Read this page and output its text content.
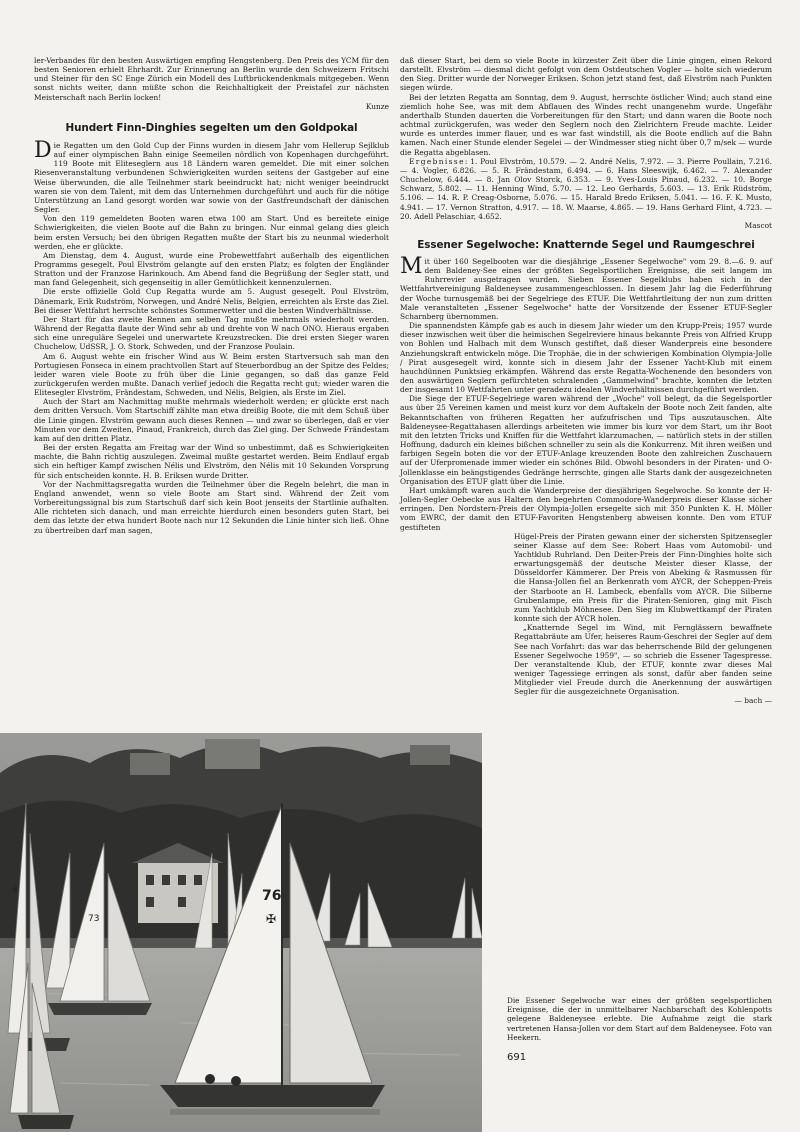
ler-Verbandes für den besten Auswärtigen empfing Hengstenberg. Den Preis des YCM für den besten Senioren erhielt Ehrhardt. Zur Erinnerung an Berlin wurde den Schweizern Fritschi und Steiner für den SC Enge Zürich ein Modell des Luftbrückendenkmals mitgegeben. Wenn sonst nichts weiter, dann müßte schon die Reichhaltigkeit der Preistafel zur nächsten Meisterschaft nach Berlin locken!

Kunze

Hundert Finn-Dinghies segelten um den Goldpokal

Die Regatten um den Gold Cup der Finns wurden in diesem Jahr vom Hellerup Sejlklub auf einer olympischen Bahn einige Seemeilen nördlich von Kopenhagen durchgeführt. 119 Boote mit Eliteseglern aus 18 Ländern waren gemeldet. Die mit einer solchen Riesenveranstaltung verbundenen Schwierigkeiten wurden seitens der Gastgeber auf eine Weise überwunden, die alle Teilnehmer stark beeindruckt hat; nicht weniger beeindruckt waren sie von dem Talent, mit dem das Unternehmen durchgeführt und auch für die nötige Unterstützung an Land gesorgt worden war sowie von der Gastfreundschaft der dänischen Segler.

Von den 119 gemeldeten Booten waren etwa 100 am Start. Und es bereitete einige Schwierigkeiten, die vielen Boote auf die Bahn zu bringen. Nur einmal gelang dies gleich beim ersten Versuch; bei den übrigen Regatten mußte der Start bis zu neunmal wiederholt werden, ehe er glückte.

Am Dienstag, dem 4. August, wurde eine Probewettfahrt außerhalb des eigentlichen Programms gesegelt. Poul Elvström gelangte auf den ersten Platz; es folgten der Engländer Stratton und der Franzose Harinkouch. Am Abend fand die Begrüßung der Segler statt, und man fand Gelegenheit, sich gegenseitig in aller Gemütlichkeit kennenzulernen.

Die erste offizielle Gold Cup Regatta wurde am 5. August gesegelt. Poul Elvström, Dänemark, Erik Rudström, Norwegen, und André Nelis, Belgien, erreichten als Erste das Ziel. Bei dieser Wettfahrt herrschte schönstes Sommerwetter und die besten Windverhältnisse.

Der Start für das zweite Rennen am selben Tag mußte mehrmals wiederholt werden. Während der Regatta flaute der Wind sehr ab und drehte von W nach ONO. Hieraus ergaben sich eine unreguläre Segelei und unerwartete Kreuzstrecken. Die drei ersten Sieger waren Chuchelow, UdSSR, J. O. Stork, Schweden, und der Franzose Poulain.

Am 6. August wehte ein frischer Wind aus W. Beim ersten Startversuch sah man den Portugiesen Fonseca in einem prachtvollen Start auf Steuerbordbug an der Spitze des Feldes; leider waren viele Boote zu früh über die Linie gegangen, so daß das ganze Feld zurückgerufen werden mußte. Danach verlief jedoch die Regatta recht gut; wieder waren die Elitesegler Elvström, Frändestam, Schweden, und Nélis, Belgien, als Erste im Ziel.

Auch der Start am Nachmittag mußte mehrmals wiederholt werden; er glückte erst nach dem dritten Versuch. Vom Startschiff zählte man etwa dreißig Boote, die mit dem Schuß über die Linie gingen. Elvström gewann auch dieses Rennen — und zwar so überlegen, daß er vier Minuten vor dem Zweiten, Pinaud, Frankreich, durch das Ziel ging. Der Schwede Frändestam kam auf den dritten Platz.

Bei der ersten Regatta am Freitag war der Wind so unbestimmt, daß es Schwierigkeiten machte, die Bahn richtig auszulegen. Zweimal mußte gestartet werden. Beim Endlauf ergab sich ein heftiger Kampf zwischen Nélis und Elvström, den Nélis mit 10 Sekunden Vorsprung für sich entscheiden konnte. H. B. Eriksen wurde Dritter.

Vor der Nachmittagsregatta wurden die Teilnehmer über die Regeln belehrt, die man in England anwendet, wenn so viele Boote am Start sind. Während der Zeit vom Vorbereitungssignal bis zum Startschuß darf sich kein Boot jenseits der Startlinie aufhalten. Alle richteten sich danach, und man erreichte hierdurch einen besonders guten Start, bei dem das letzte der etwa hundert Boote nach nur 12 Sekunden die Linie hinter sich ließ. Ohne zu übertreiben darf man sagen,

daß dieser Start, bei dem so viele Boote in kürzester Zeit über die Linie gingen, einen Rekord darstellt. Elvström — diesmal dicht gefolgt von dem Ostdeutschen Vogler — holte sich wiederum den Sieg. Dritter wurde der Norweger Eriksen. Schon jetzt stand fest, daß Elvström nach Punkten siegen würde.

Bei der letzten Regatta am Sonntag, dem 9. August, herrschte östlicher Wind; auch stand eine ziemlich hohe See, was mit dem Abflauen des Windes recht unangenehm wurde. Ungefähr anderthalb Stunden dauerten die Vorbereitungen für den Start; und dann waren die Boote noch achtmal zurückgerufen, was weder den Seglern noch den Zielrichtern Freude machte. Leider wurde es unterdes immer flauer, und es war fast windstill, als die Boote endlich auf die Bahn kamen. Nach einer Stunde elender Segelei — der Windmesser stieg nicht über 0,7 m/sek — wurde die Regatta abgeblasen.

Ergebnisse: 1. Poul Elvström, 10.579. — 2. André Nelis, 7.972. — 3. Pierre Poullain, 7.216. — 4. Vogler, 6.826. — 5. R. Frändestam, 6.494. — 6. Hans Sleeswijk, 6.462. — 7. Alexander Chuchelow, 6.444. — 8. Jan Olov Storck, 6.353. — 9. Yves-Louis Pinaud, 6.232. — 10. Borge Schwarz, 5.802. — 11. Henning Wind, 5.70. — 12. Leo Gerhards, 5.603. — 13. Erik Rüdström, 5.106. — 14. R. P. Creag-Osborne, 5.076. — 15. Harald Bredo Eriksen, 5.041. — 16. F. K. Musto, 4.941. — 17. Vernon Stratton, 4.917. — 18. W. Maarse, 4.865. — 19. Hans Gerhard Flint, 4.723. — 20. Adell Pelaschiar, 4.652.

Mascot

Essener Segelwoche: Knatternde Segel und Raumgeschrei

Mit über 160 Segelbooten war die diesjährige „Essener Segelwoche" vom 29. 8.—6. 9. auf dem Baldeney-See eines der größten Segelsportlichen Ereignisse, die seit langem im Ruhrrevier ausgetragen wurden. Sieben Essener Segelklubs haben sich in der Wettfahrtvereinigung Baldeneysee zusammengeschlossen. In diesem Jahr lag die Federführung der Woche turnusgemäß bei der Segelriege des ETUF. Die Wettfahrtleitung der nun zum dritten Male veranstalteten „Essener Segelwoche" hatte der Vorsitzende der Essener ETUF-Segler Scharnberg übernommen.

Die spannendsten Kämpfe gab es auch in diesem Jahr wieder um den Krupp-Preis; 1957 wurde dieser inzwischen weit über die heimischen Segelreviere hinaus bekannte Preis von Alfried Krupp von Bohlen und Halbach mit dem Wunsch gestiftet, daß dieser Wanderpreis eine besondere Anziehungskraft entwickeln möge. Die Trophäe, die in der schwierigen Kombination Olympia-Jolle / Pirat ausgesegelt wird, konnte sich in diesem Jahr der Essener Yacht-Klub mit einem hauchdünnen Punktsieg erkämpfen. Während das erste Regatta-Wochenende den besonders von den auswärtigen Seglern gefürchteten schralenden „Gammelwind" brachte, konnten die letzten der insgesamt 10 Wettfahrten unter geradezu idealen Windverhältnissen durchgeführt werden.

Die Siege der ETUF-Segelriege waren während der „Woche" voll belegt, da die Segelsportler aus über 25 Vereinen kamen und meist kurz vor dem Auftakeln der Boote noch Zeit fanden, alte Bekanntschaften von früheren Regatten her aufzufrischen und Tips auszutauschen. Alte Baldeneysee-Regattahasen allerdings arbeiteten wie immer bis kurz vor dem Start, um ihr Boot mit den letzten Tricks und Kniffen für die Wettfahrt klarzumachen, — natürlich stets in der stillen Hoffnung, dadurch ein kleines bißchen schneller zu sein als die Konkurrenz. Mit ihren weißen und farbigen Segeln boten die vor der ETUF-Anlage kreuzenden Boote den zahlreichen Zuschauern auf der Uferpromenade immer wieder ein schönes Bild. Obwohl besonders in der Piraten- und O-Jollenklasse ein beängstigendes Gedränge herrschte, gingen alle Starts dank der ausgezeichneten Organisation des ETUF glatt über die Linie.

Hart umkämpft waren auch die Wanderpreise der diesjährigen Segelwoche. So konnte der H-Jollen-Segler Oebecke aus Haltern den begehrten Commodore-Wanderpreis dieser Klasse sicher erringen. Den Nordstern-Preis der Olympia-Jollen ersegelte sich mit 350 Punkten K. H. Möller vom EWRC, der damit den ETUF-Favoriten Hengstenberg abweisen konnte. Den vom ETUF gestifteten

Hügel-Preis der Piraten gewann einer der sichersten Spitzensegler seiner Klasse auf dem See: Robert Haas vom Automobil- und Yachtklub Ruhrland. Den Deiter-Preis der Finn-Dinghies holte sich erwartungsgemäß der deutsche Meister dieser Klasse, der Düsseldorfer Kämmerer. Der Preis von Abeking & Rasmussen für die Hansa-Jollen fiel an Berkenrath vom AYCR, der Scheppen-Preis der Starboote an H. Lambeck, ebenfalls vom AYCR. Die Silberne Grubenlampe, ein Preis für die Piraten-Senioren, ging mit Fisch zum Yachtklub Möhnesee. Den Sieg im Klubwettkampf der Piraten konnte sich der AYCR holen.

„Knatternde Segel im Wind, mit Fernglässern bewaffnete Regattabräute am Ufer, heiseres Raum-Geschrei der Segler auf dem See nach Vorfahrt: das war das beherrschende Bild der gelungenen Essener Segelwoche 1959", — so schrieb die Essener Tagespresse. Der veranstaltende Klub, der ETUF, konnte zwar dieses Mal weniger Tagessiege erringen als sonst, dafür aber fanden seine Mitglieder viel Freude durch die Anerkennung der auswärtigen Segler für die ausgezeichnete Organisation.

— bach —

73
4	76
✠

Die Essener Segelwoche war eines der größten segelsportlichen Ereignisse, die der in unmittelbarer Nachbarschaft des Kohlenpotts gelegene Baldeneysee erlebte. Die Aufnahme zeigt die stark vertretenen Hansa-Jollen vor dem Start auf dem Baldeneysee. Foto van Heekern.

691
